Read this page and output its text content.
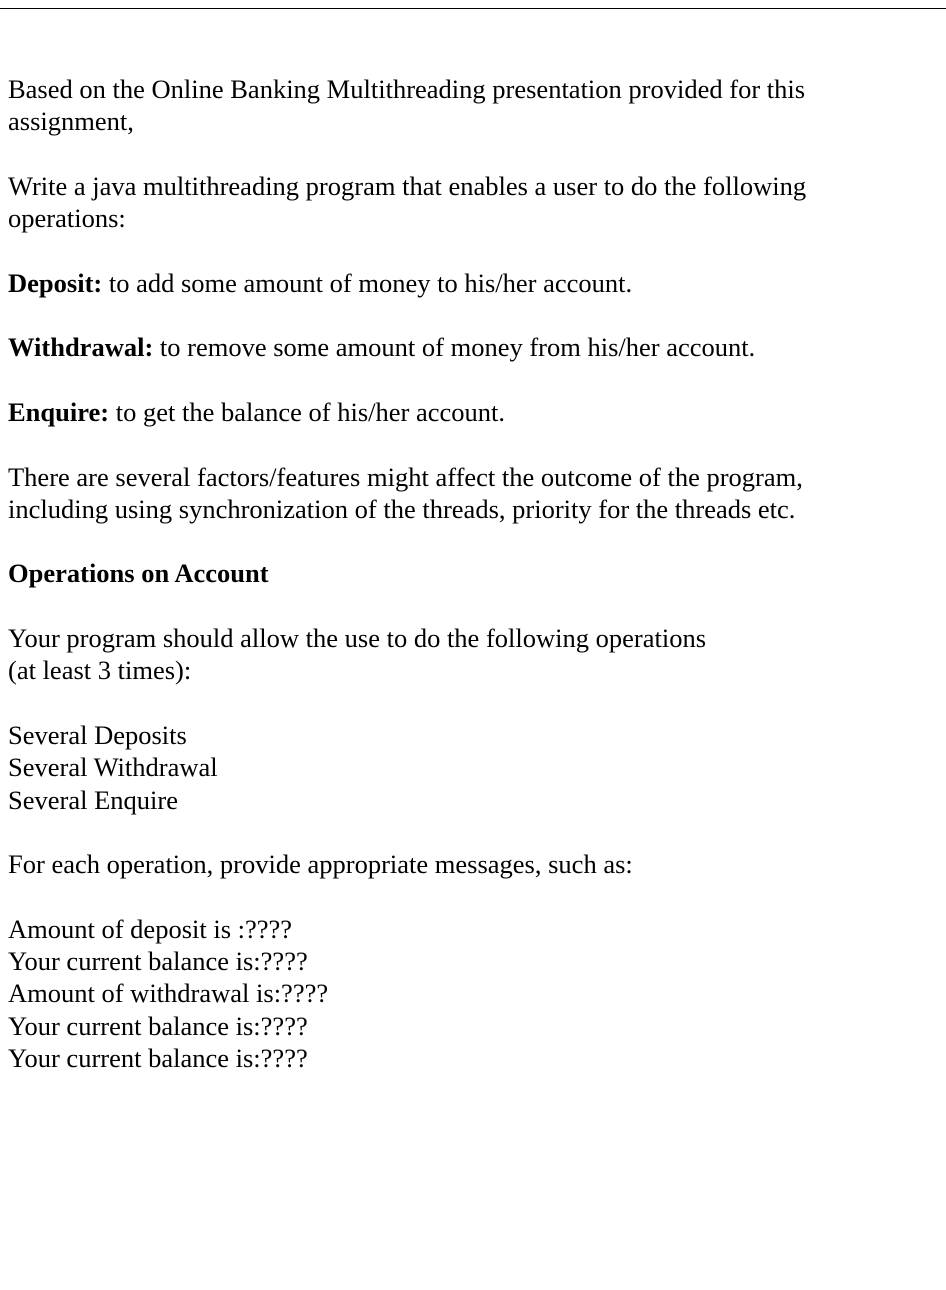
Based on the Online Banking Multithreading presentation provided for this
assignment,

Write a java multithreading program that enables a user to do the following
operations:

Deposit: to add some amount of money to his/her account.

Withdrawal: to remove some amount of money from his/her account.

Enquire: to get the balance of his/her account.

There are several factors/features might affect the outcome of the program,
including using synchronization of the threads, priority for the threads etc.

Operations on Account

Your program should allow the use to do the following operations
(at least 3 times):

Several Deposits
Several Withdrawal
Several Enquire

For each operation, provide appropriate messages, such as:

Amount of deposit is :????
Your current balance is:????
Amount of withdrawal is:????
Your current balance is:????
Your current balance is:????
